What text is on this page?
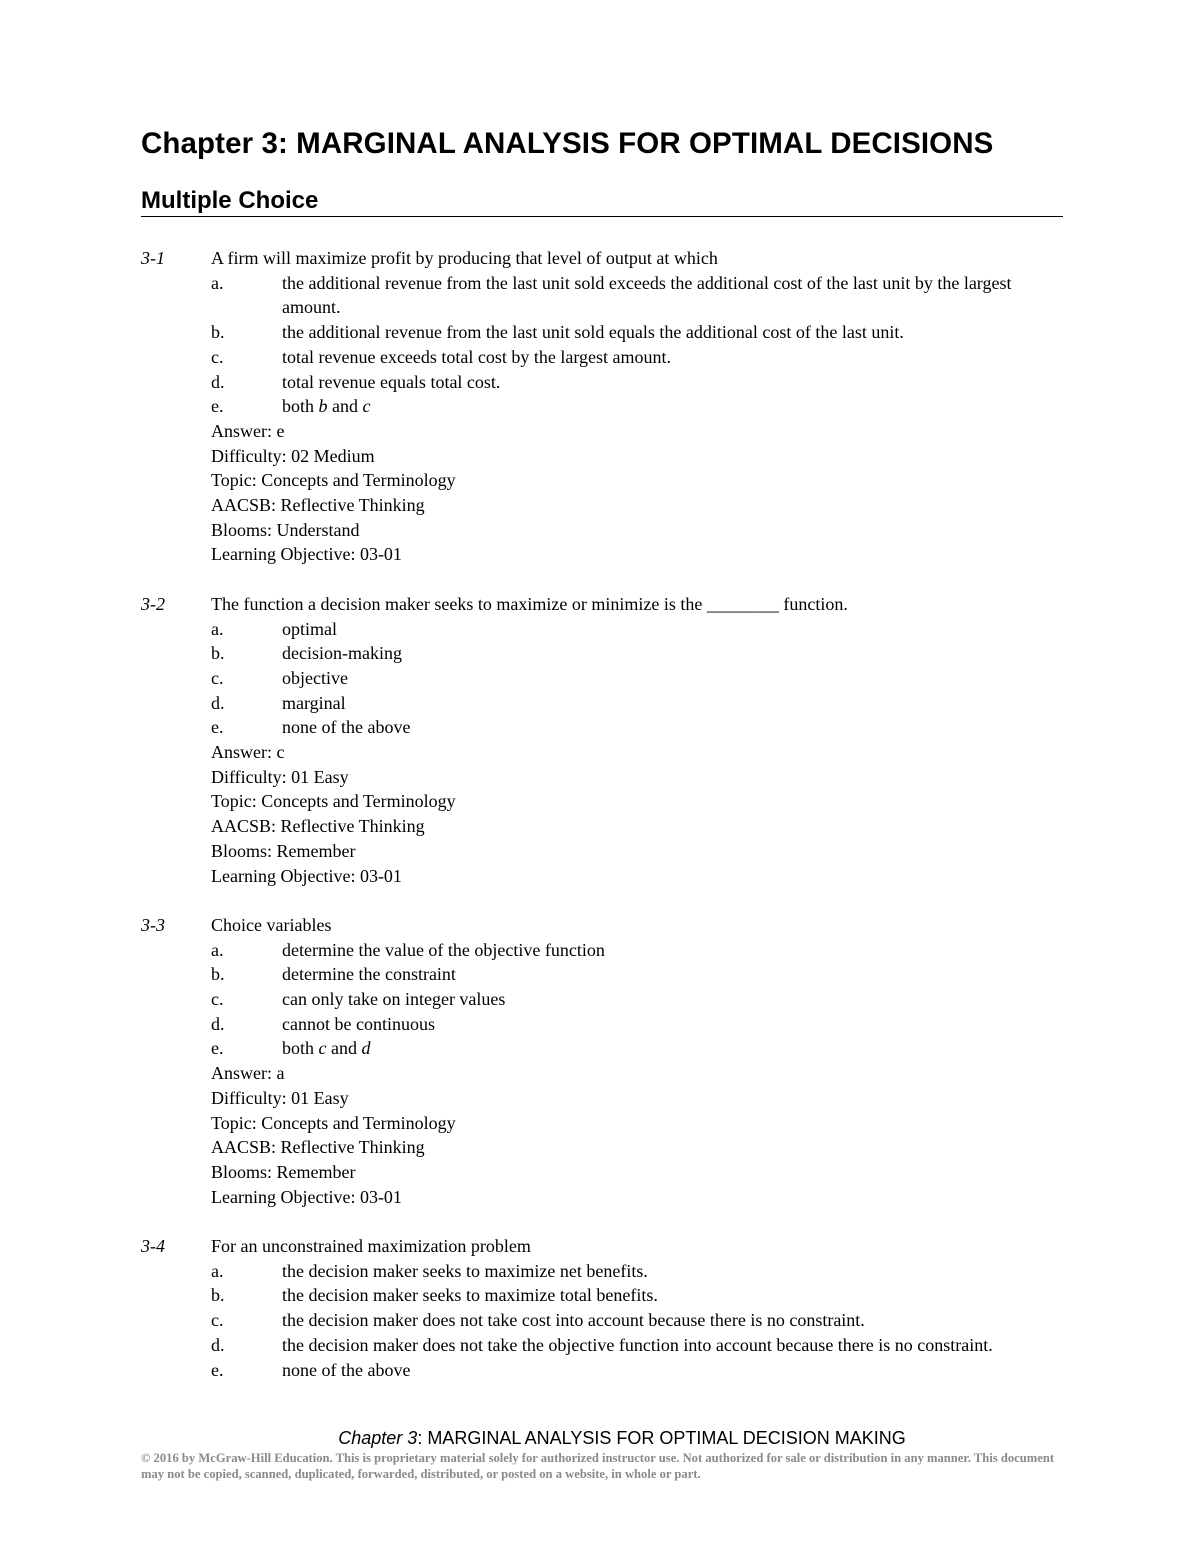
Chapter 3: MARGINAL ANALYSIS FOR OPTIMAL DECISIONS
Multiple Choice
3-1	A firm will maximize profit by producing that level of output at which
a.	the additional revenue from the last unit sold exceeds the additional cost of the last unit by the largest amount.
b.	the additional revenue from the last unit sold equals the additional cost of the last unit.
c.	total revenue exceeds total cost by the largest amount.
d.	total revenue equals total cost.
e.	both b and c
Answer: e
Difficulty: 02 Medium
Topic: Concepts and Terminology
AACSB: Reflective Thinking
Blooms: Understand
Learning Objective: 03-01
3-2	The function a decision maker seeks to maximize or minimize is the ________ function.
a.	optimal
b.	decision-making
c.	objective
d.	marginal
e.	none of the above
Answer: c
Difficulty: 01 Easy
Topic: Concepts and Terminology
AACSB: Reflective Thinking
Blooms: Remember
Learning Objective: 03-01
3-3	Choice variables
a.	determine the value of the objective function
b.	determine the constraint
c.	can only take on integer values
d.	cannot be continuous
e.	both c and d
Answer: a
Difficulty: 01 Easy
Topic: Concepts and Terminology
AACSB: Reflective Thinking
Blooms: Remember
Learning Objective: 03-01
3-4	For an unconstrained maximization problem
a.	the decision maker seeks to maximize net benefits.
b.	the decision maker seeks to maximize total benefits.
c.	the decision maker does not take cost into account because there is no constraint.
d.	the decision maker does not take the objective function into account because there is no constraint.
e.	none of the above
Chapter 3: MARGINAL ANALYSIS FOR OPTIMAL DECISION MAKING
© 2016 by McGraw-Hill Education. This is proprietary material solely for authorized instructor use. Not authorized for sale or distribution in any manner. This document may not be copied, scanned, duplicated, forwarded, distributed, or posted on a website, in whole or part.
